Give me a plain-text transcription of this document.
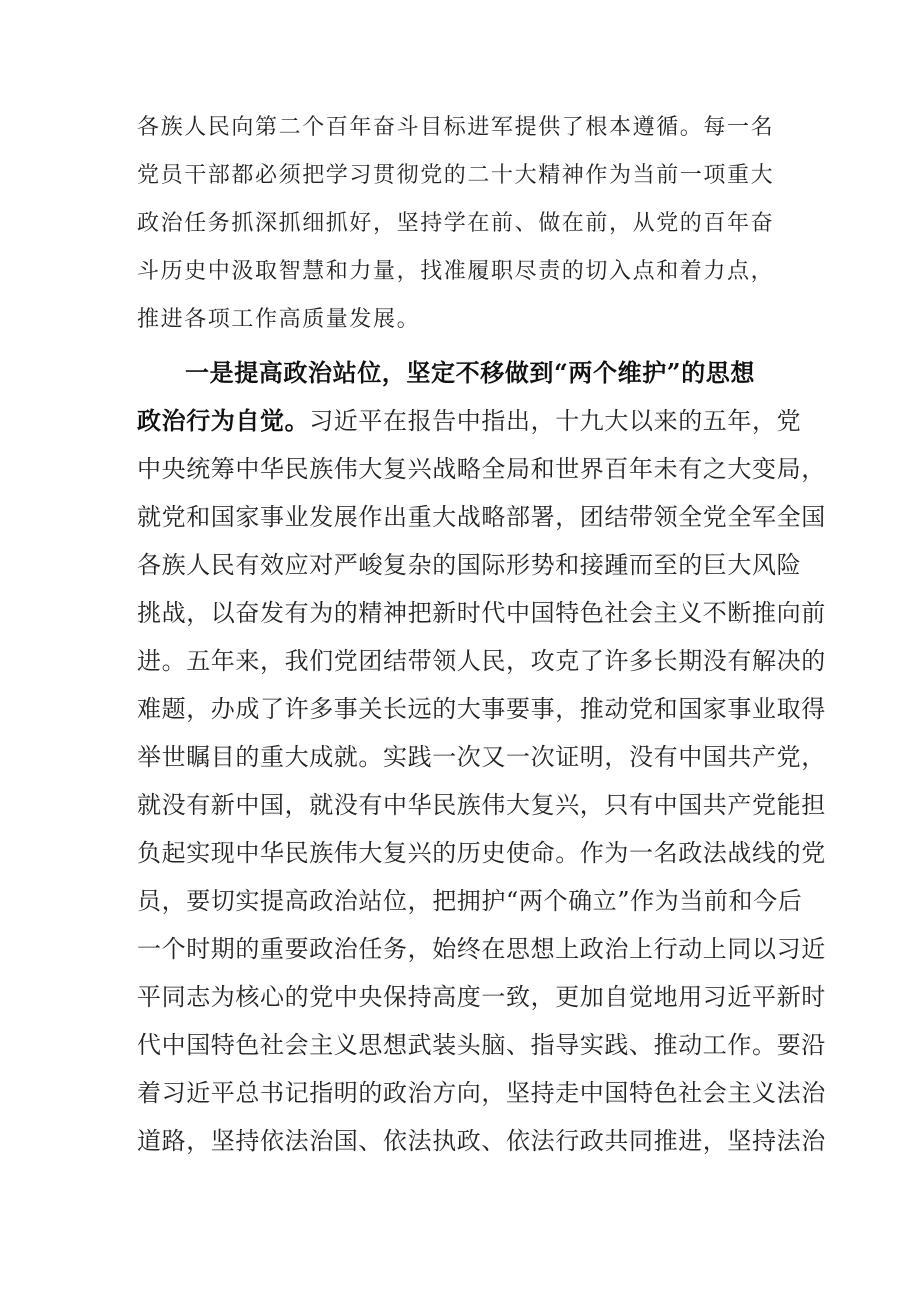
各族人民向第二个百年奋斗目标进军提供了根本遵循。每一名
党员干部都必须把学习贯彻党的二十大精神作为当前一项重大
政治任务抓深抓细抓好，坚持学在前、做在前，从党的百年奋
斗历史中汲取智慧和力量，找准履职尽责的切入点和着力点，
推进各项工作高质量发展。
一是提高政治站位，坚定不移做到“两个维护”的思想
政治行为自觉。习近平在报告中指出，十九大以来的五年，党
中央统筹中华民族伟大复兴战略全局和世界百年未有之大变局，
就党和国家事业发展作出重大战略部署，团结带领全党全军全国
各族人民有效应对严峻复杂的国际形势和接踵而至的巨大风险
挑战，以奋发有为的精神把新时代中国特色社会主义不断推向前
进。五年来，我们党团结带领人民，攻克了许多长期没有解决的
难题，办成了许多事关长远的大事要事，推动党和国家事业取得
举世瞩目的重大成就。实践一次又一次证明，没有中国共产党，
就没有新中国，就没有中华民族伟大复兴，只有中国共产党能担
负起实现中华民族伟大复兴的历史使命。作为一名政法战线的党
员，要切实提高政治站位，把拥护“两个确立”作为当前和今后
一个时期的重要政治任务，始终在思想上政治上行动上同以习近
平同志为核心的党中央保持高度一致，更加自觉地用习近平新时
代中国特色社会主义思想武装头脑、指导实践、推动工作。要沿
着习近平总书记指明的政治方向，坚持走中国特色社会主义法治
道路，坚持依法治国、依法执政、依法行政共同推进，坚持法治
